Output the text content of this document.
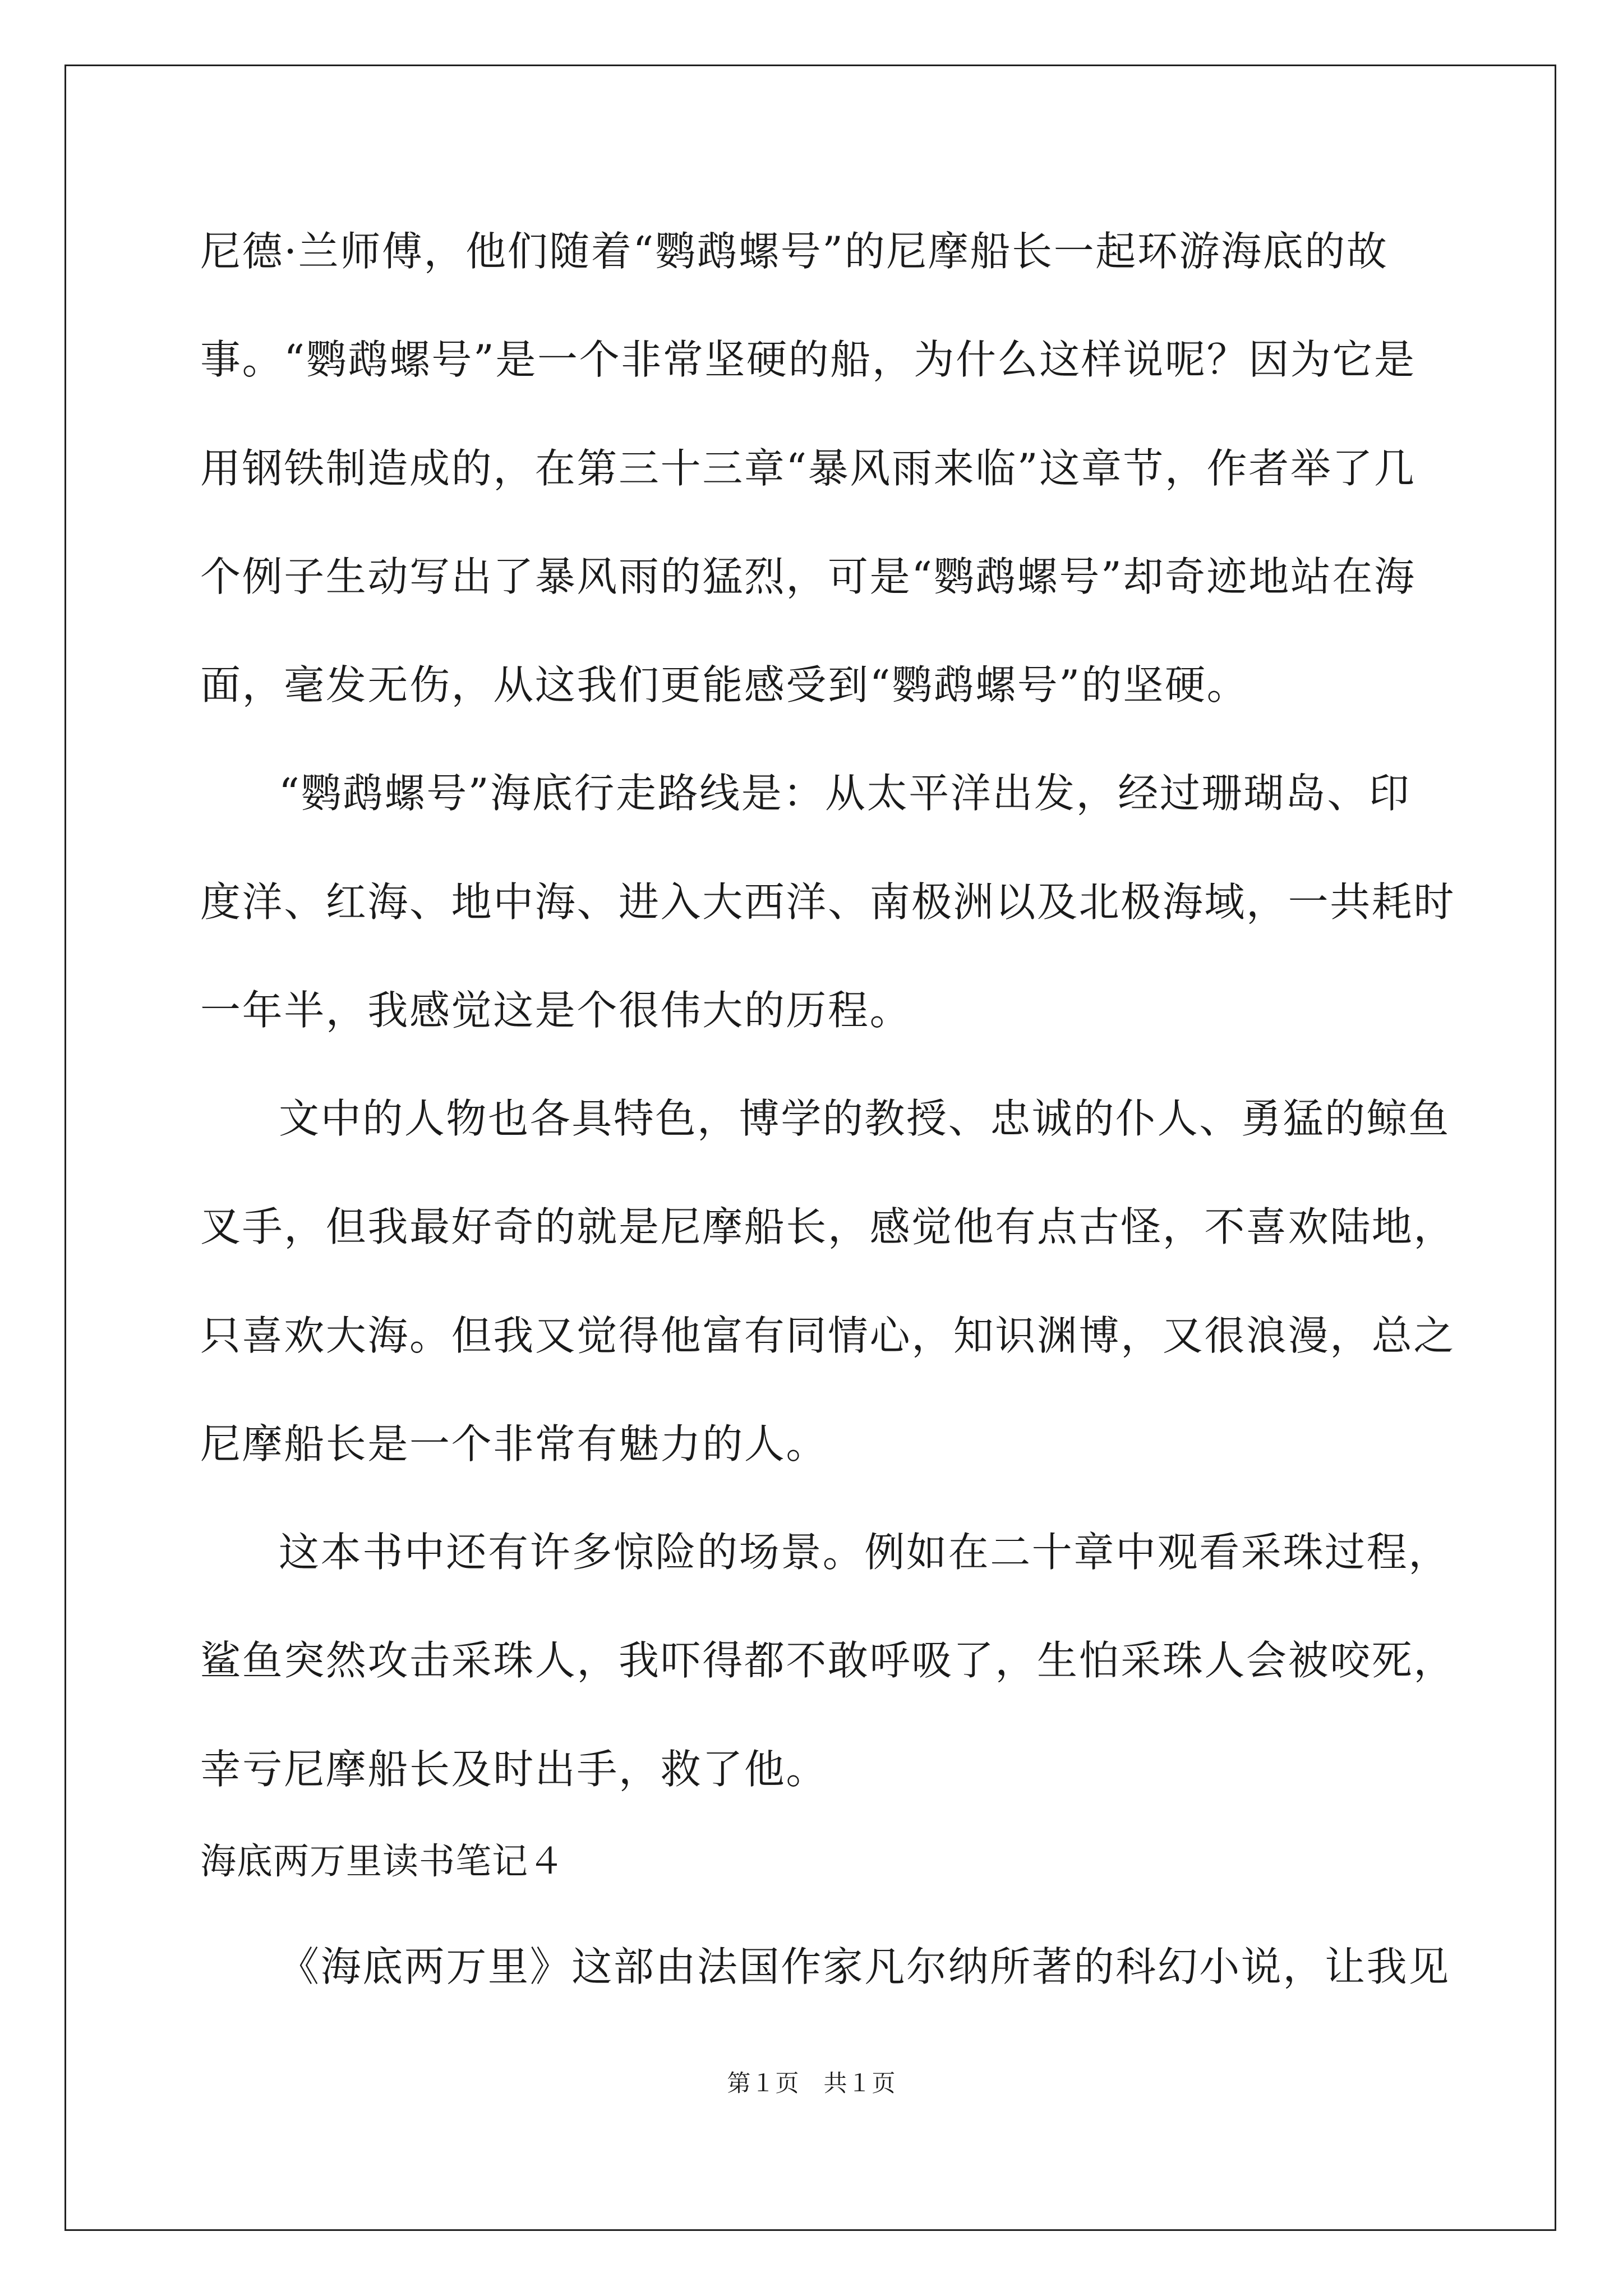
尼德·兰师傅，他们随着“鹦鹉螺号”的尼摩船长一起环游海底的故
事。“鹦鹉螺号”是一个非常坚硬的船，为什么这样说呢？因为它是
用钢铁制造成的，在第三十三章“暴风雨来临”这章节，作者举了几
个例子生动写出了暴风雨的猛烈，可是“鹦鹉螺号”却奇迹地站在海
面，毫发无伤，从这我们更能感受到“鹦鹉螺号”的坚硬。
“鹦鹉螺号”海底行走路线是：从太平洋出发，经过珊瑚岛、印
度洋、红海、地中海、进入大西洋、南极洲以及北极海域，一共耗时
一年半，我感觉这是个很伟大的历程。
文中的人物也各具特色，博学的教授、忠诚的仆人、勇猛的鲸鱼
叉手，但我最好奇的就是尼摩船长，感觉他有点古怪，不喜欢陆地，
只喜欢大海。但我又觉得他富有同情心，知识渊博，又很浪漫，总之
尼摩船长是一个非常有魅力的人。
这本书中还有许多惊险的场景。例如在二十章中观看采珠过程，
鲨鱼突然攻击采珠人，我吓得都不敢呼吸了，生怕采珠人会被咬死，
幸亏尼摩船长及时出手，救了他。
海底两万里读书笔记４
《海底两万里》这部由法国作家凡尔纳所著的科幻小说，让我见
第１页　共１页
